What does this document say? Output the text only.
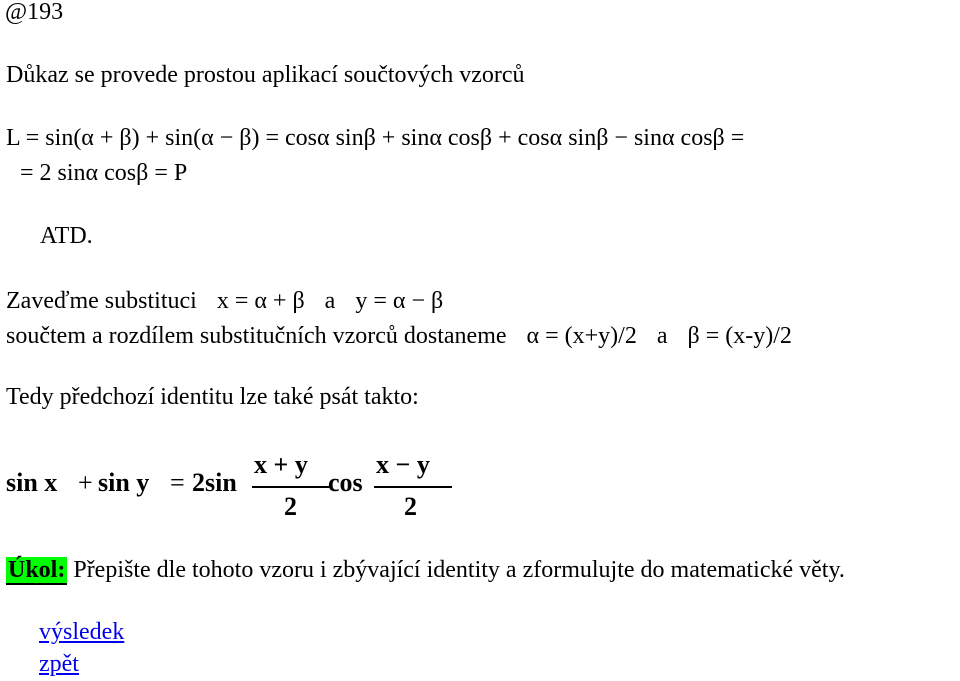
@193
Důkaz se provede prostou aplikací součtových vzorců
L = sin(α + β) + sin(α − β) = cosα sinβ + sinα cosβ + cosα sinβ − sinα cosβ =
= 2 sinα cosβ = P
ATD.
Zaveďme substituci x = α + β a y = α − β
součtem a rozdílem substitučních vzorců dostaneme α = (x+y)/2 a β = (x-y)/2
Tedy předchozí identitu lze také psát takto:
sin x + sin y = 2sin
x + y
2
cos
x − y
2
Úkol: Přepište dle tohoto vzoru i zbývající identity a zformulujte do matematické věty.
výsledek
zpět
